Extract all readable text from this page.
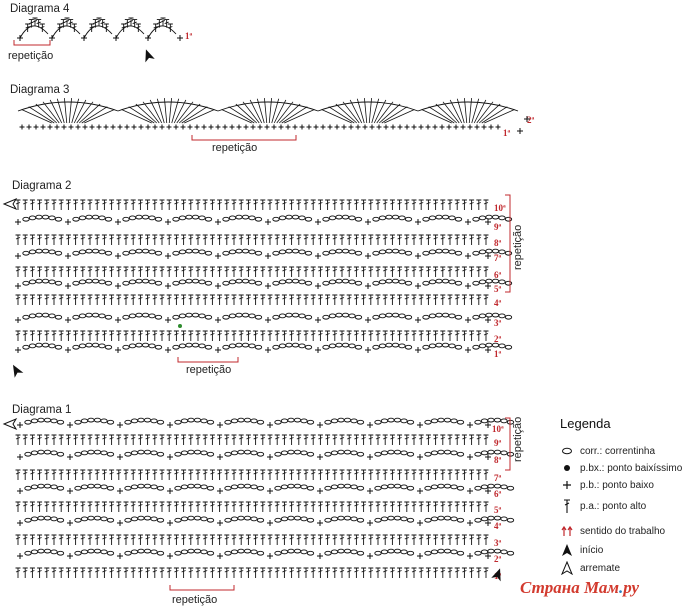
Diagrama 4
Diagrama 3
Diagrama 2
Diagrama 1
repetição
repetição
repetição
repetição
repetição
repetição
1ª
2ª
1ª
10ª
9ª
8ª
7ª
6ª
5ª
4ª
3ª
2ª
1ª
10ª
9ª
8ª
7ª
6ª
5ª
4ª
3ª
2ª
Legenda
corr.: correntinha
p.bx.: ponto baixíssimo
p.b.: ponto baixo
p.a.: ponto alto
sentido do trabalho
início
arremate
Страна Мам.ру
